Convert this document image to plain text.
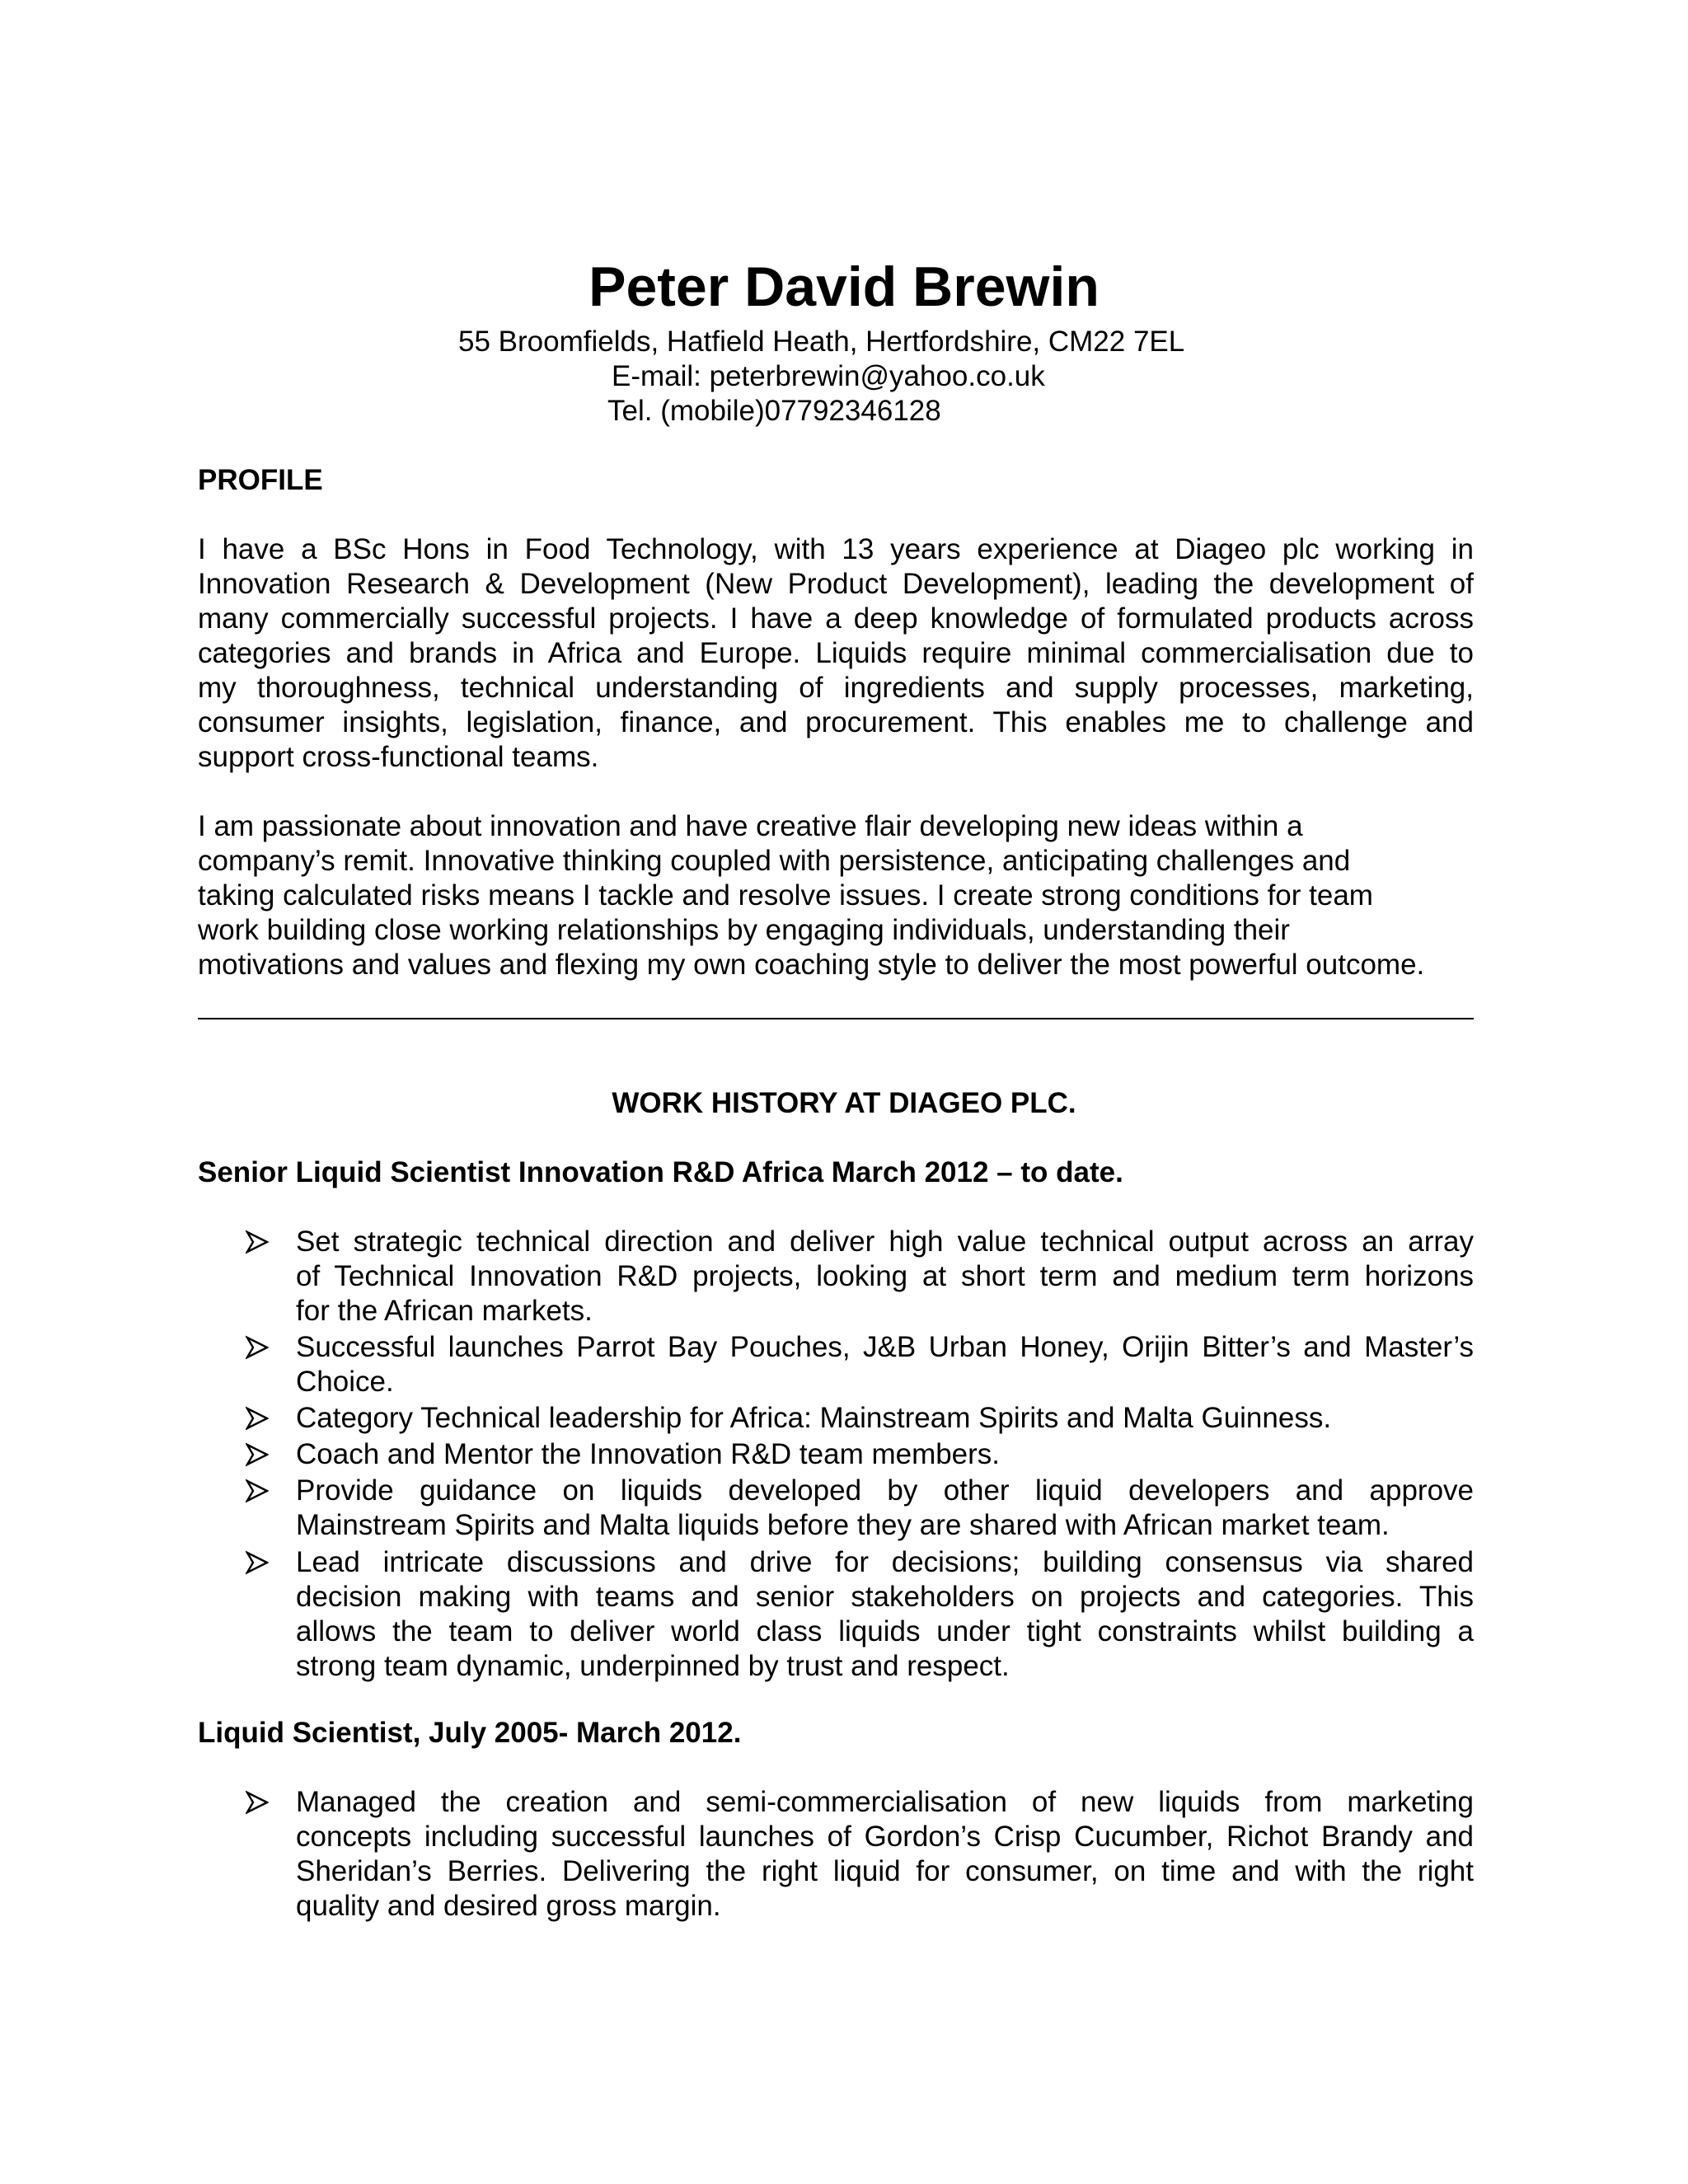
Peter David Brewin
55 Broomfields, Hatfield Heath, Hertfordshire, CM22 7EL
E-mail: peterbrewin@yahoo.co.uk
Tel. (mobile)07792346128
PROFILE
I have a BSc Hons in Food Technology, with 13 years experience at Diageo plc working in
Innovation Research & Development (New Product Development), leading the development of
many commercially successful projects. I have a deep knowledge of formulated products across
categories and brands in Africa and Europe. Liquids require minimal commercialisation due to
my thoroughness, technical understanding of ingredients and supply processes, marketing,
consumer insights, legislation, finance, and procurement. This enables me to challenge and
support cross-functional teams.
I am passionate about innovation and have creative flair developing new ideas within a
company’s remit. Innovative thinking coupled with persistence, anticipating challenges and
taking calculated risks means I tackle and resolve issues. I create strong conditions for team
work building close working relationships by engaging individuals, understanding their
motivations and values and flexing my own coaching style to deliver the most powerful outcome.
WORK HISTORY AT DIAGEO PLC.
Senior Liquid Scientist Innovation R&D Africa March 2012 – to date.
Set strategic technical direction and deliver high value technical output across an array
of Technical Innovation R&D projects, looking at short term and medium term horizons
for the African markets.
Successful launches Parrot Bay Pouches, J&B Urban Honey, Orijin Bitter’s and Master’s
Choice.
Category Technical leadership for Africa: Mainstream Spirits and Malta Guinness.
Coach and Mentor the Innovation R&D team members.
Provide guidance on liquids developed by other liquid developers and approve
Mainstream Spirits and Malta liquids before they are shared with African market team.
Lead intricate discussions and drive for decisions; building consensus via shared
decision making with teams and senior stakeholders on projects and categories. This
allows the team to deliver world class liquids under tight constraints whilst building a
strong team dynamic, underpinned by trust and respect.
Liquid Scientist, July 2005- March 2012.
Managed the creation and semi-commercialisation of new liquids from marketing
concepts including successful launches of Gordon’s Crisp Cucumber, Richot Brandy and
Sheridan’s Berries. Delivering the right liquid for consumer, on time and with the right
quality and desired gross margin.
